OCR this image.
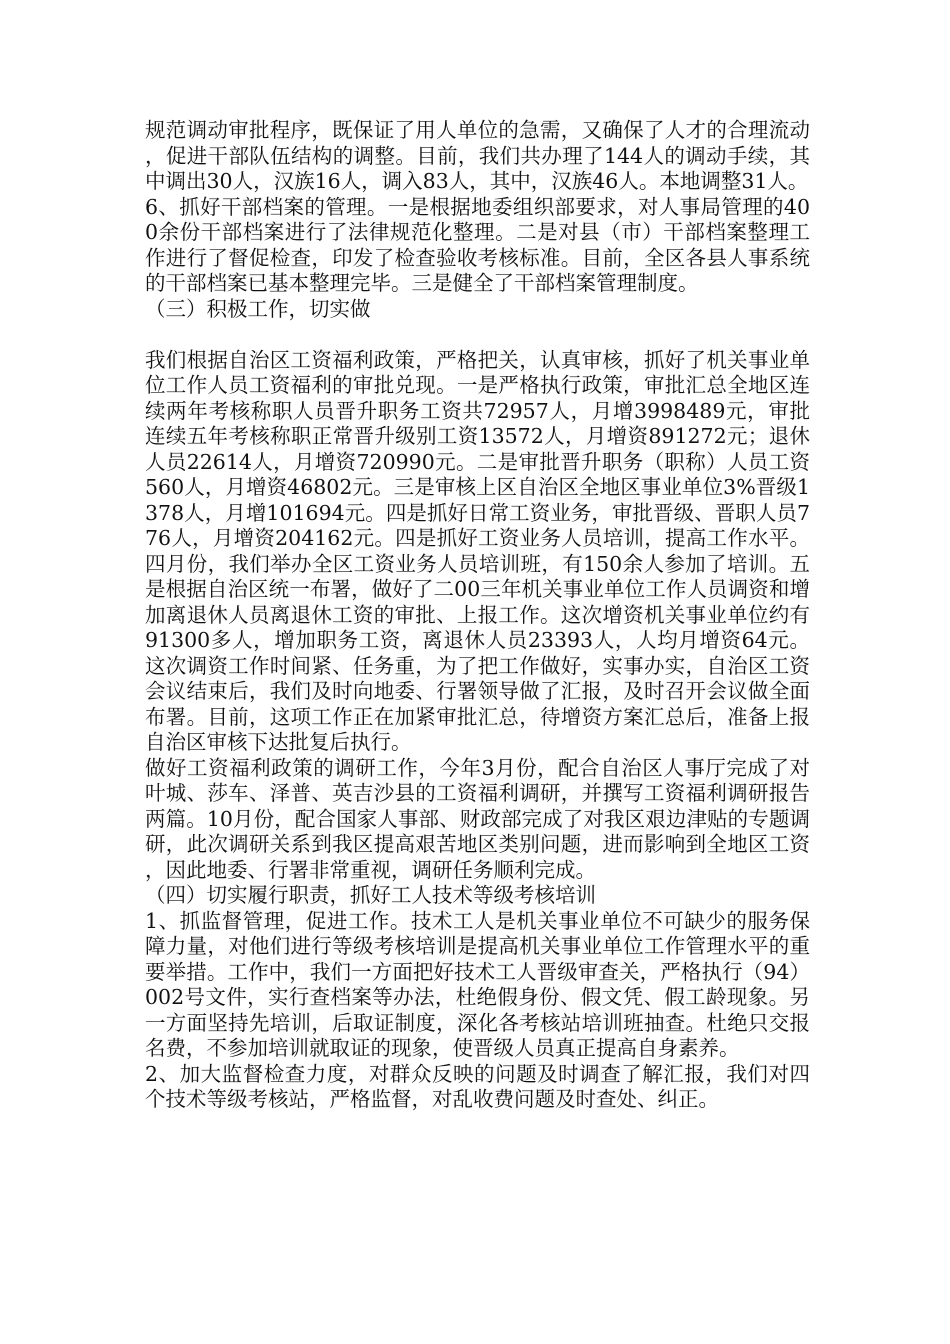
规范调动审批程序，既保证了用人单位的急需，又确保了人才的合理流动，促进干部队伍结构的调整。目前，我们共办理了144人的调动手续，其中调出30人，汉族16人，调入83人，其中，汉族46人。本地调整31人。

6、抓好干部档案的管理。一是根据地委组织部要求，对人事局管理的400余份干部档案进行了法律规范化整理。二是对县（市）干部档案整理工作进行了督促检查，印发了检查验收考核标准。目前，全区各县人事系统的干部档案已基本整理完毕。三是健全了干部档案管理制度。

（三）积极工作，切实做

我们根据自治区工资福利政策，严格把关，认真审核，抓好了机关事业单位工作人员工资福利的审批兑现。一是严格执行政策，审批汇总全地区连续两年考核称职人员晋升职务工资共72957人，月增3998489元，审批连续五年考核称职正常晋升级别工资13572人，月增资891272元；退休人员22614人，月增资720990元。二是审批晋升职务（职称）人员工资560人，月增资46802元。三是审核上区自治区全地区事业单位3%晋级1378人，月增101694元。四是抓好日常工资业务，审批晋级、晋职人员776人，月增资204162元。四是抓好工资业务人员培训，提高工作水平。四月份，我们举办全区工资业务人员培训班，有150余人参加了培训。五是根据自治区统一布署，做好了二00三年机关事业单位工作人员调资和增加离退休人员离退休工资的审批、上报工作。这次增资机关事业单位约有91300多人，增加职务工资，离退休人员23393人，人均月增资64元。这次调资工作时间紧、任务重，为了把工作做好，实事办实，自治区工资会议结束后，我们及时向地委、行署领导做了汇报，及时召开会议做全面布署。目前，这项工作正在加紧审批汇总，待增资方案汇总后，准备上报自治区审核下达批复后执行。

做好工资福利政策的调研工作，今年3月份，配合自治区人事厅完成了对叶城、莎车、泽普、英吉沙县的工资福利调研，并撰写工资福利调研报告两篇。10月份，配合国家人事部、财政部完成了对我区艰边津贴的专题调研，此次调研关系到我区提高艰苦地区类别问题，进而影响到全地区工资，因此地委、行署非常重视，调研任务顺利完成。

（四）切实履行职责，抓好工人技术等级考核培训

1、抓监督管理，促进工作。技术工人是机关事业单位不可缺少的服务保障力量，对他们进行等级考核培训是提高机关事业单位工作管理水平的重要举措。工作中，我们一方面把好技术工人晋级审查关，严格执行（94）002号文件，实行查档案等办法，杜绝假身份、假文凭、假工龄现象。另一方面坚持先培训，后取证制度，深化各考核站培训班抽查。杜绝只交报名费，不参加培训就取证的现象，使晋级人员真正提高自身素养。

2、加大监督检查力度，对群众反映的问题及时调查了解汇报，我们对四个技术等级考核站，严格监督，对乱收费问题及时查处、纠正。
